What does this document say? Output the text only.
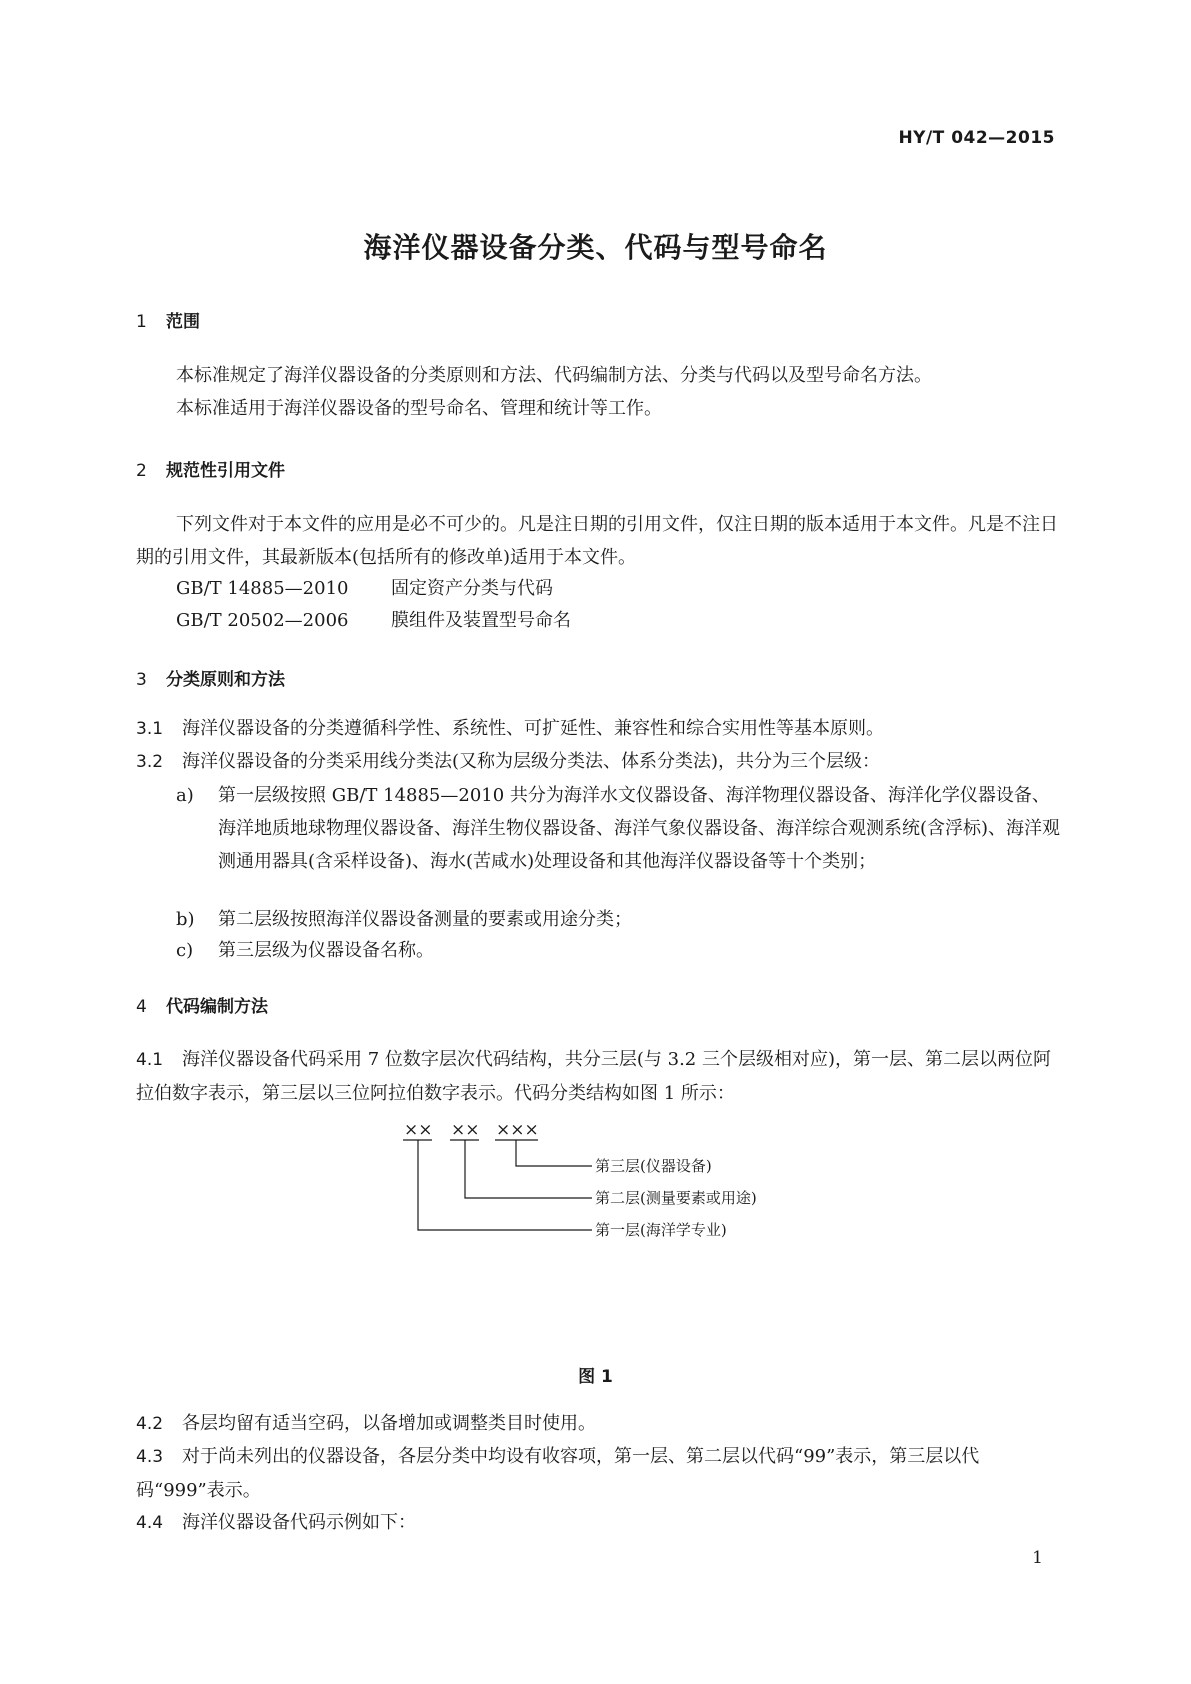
HY/T 042—2015
海洋仪器设备分类、代码与型号命名
1 范围
本标准规定了海洋仪器设备的分类原则和方法、代码编制方法、分类与代码以及型号命名方法。
本标准适用于海洋仪器设备的型号命名、管理和统计等工作。
2 规范性引用文件
下列文件对于本文件的应用是必不可少的。凡是注日期的引用文件，仅注日期的版本适用于本文件。凡是不注日期的引用文件，其最新版本(包括所有的修改单)适用于本文件。
GB/T 14885—2010 固定资产分类与代码
GB/T 20502—2006 膜组件及装置型号命名
3 分类原则和方法
3.1 海洋仪器设备的分类遵循科学性、系统性、可扩延性、兼容性和综合实用性等基本原则。
3.2 海洋仪器设备的分类采用线分类法(又称为层级分类法、体系分类法)，共分为三个层级：
a) 第一层级按照 GB/T 14885—2010 共分为海洋水文仪器设备、海洋物理仪器设备、海洋化学仪器设备、海洋地质地球物理仪器设备、海洋生物仪器设备、海洋气象仪器设备、海洋综合观测系统(含浮标)、海洋观测通用器具(含采样设备)、海水(苦咸水)处理设备和其他海洋仪器设备等十个类别；
b) 第二层级按照海洋仪器设备测量的要素或用途分类；
c) 第三层级为仪器设备名称。
4 代码编制方法
4.1 海洋仪器设备代码采用 7 位数字层次代码结构，共分三层(与 3.2 三个层级相对应)，第一层、第二层以两位阿拉伯数字表示，第三层以三位阿拉伯数字表示。代码分类结构如图 1 所示：
×× ×× ×××
第三层(仪器设备)
第二层(测量要素或用途)
第一层(海洋学专业)
图 1
4.2 各层均留有适当空码，以备增加或调整类目时使用。
4.3 对于尚未列出的仪器设备，各层分类中均设有收容项，第一层、第二层以代码“99”表示，第三层以代码“999”表示。
4.4 海洋仪器设备代码示例如下：
1
